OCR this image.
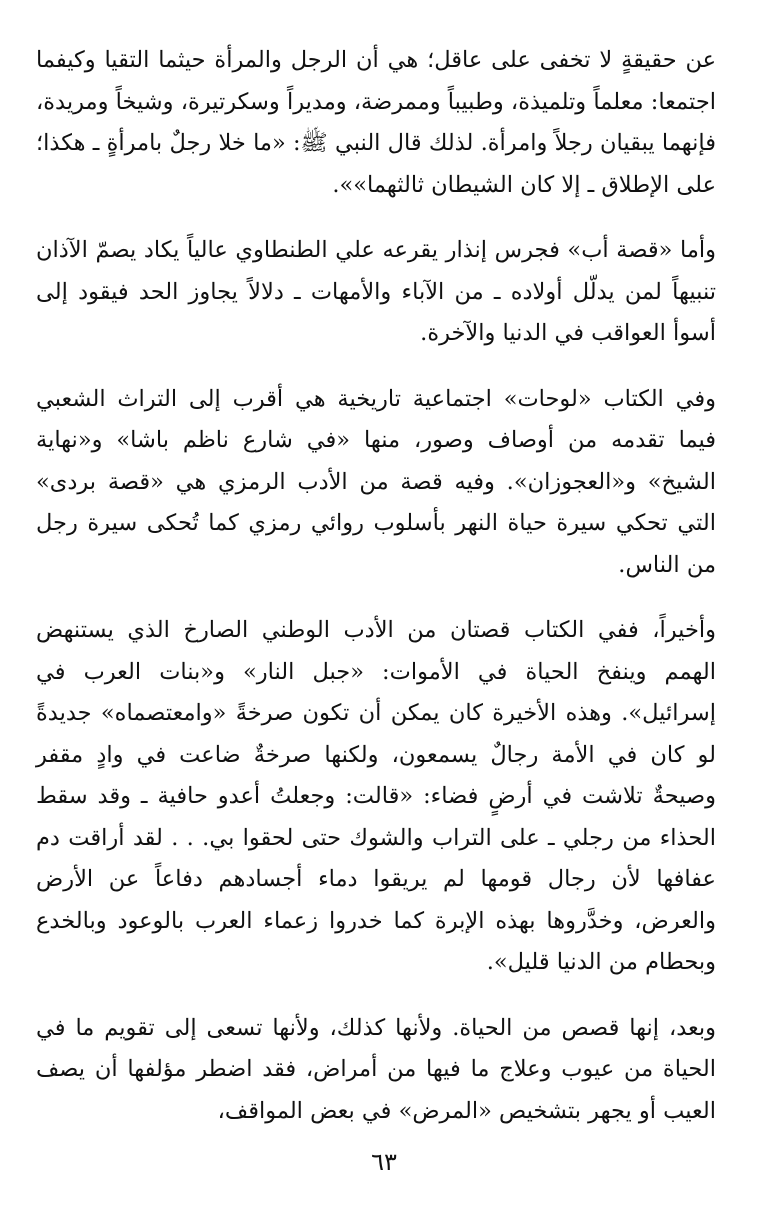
عن حقيقةٍ لا تخفى على عاقل؛ هي أن الرجل والمرأة حيثما التقيا وكيفما اجتمعا: معلماً وتلميذة، وطبيباً وممرضة، ومديراً وسكرتيرة، وشيخاً ومريدة، فإنهما يبقيان رجلاً وامرأة. لذلك قال النبي ﷺ: «ما خلا رجلٌ بامرأةٍ ـ هكذا؛ على الإطلاق ـ إلا كان الشيطان ثالثهما»».

وأما «قصة أب» فجرس إنذار يقرعه علي الطنطاوي عالياً يكاد يصمّ الآذان تنبيهاً لمن يدلّل أولاده ـ من الآباء والأمهات ـ دلالاً يجاوز الحد فيقود إلى أسوأ العواقب في الدنيا والآخرة.

وفي الكتاب «لوحات» اجتماعية تاريخية هي أقرب إلى التراث الشعبي فيما تقدمه من أوصاف وصور، منها «في شارع ناظم باشا» و«نهاية الشيخ» و«العجوزان». وفيه قصة من الأدب الرمزي هي «قصة بردى» التي تحكي سيرة حياة النهر بأسلوب روائي رمزي كما تُحكى سيرة رجل من الناس.

وأخيراً، ففي الكتاب قصتان من الأدب الوطني الصارخ الذي يستنهض الهمم وينفخ الحياة في الأموات: «جبل النار» و«بنات العرب في إسرائيل». وهذه الأخيرة كان يمكن أن تكون صرخةً «وامعتصماه» جديدةً لو كان في الأمة رجالٌ يسمعون، ولكنها صرخةٌ ضاعت في وادٍ مقفر وصيحةٌ تلاشت في أرضٍ فضاء: «قالت: وجعلتُ أعدو حافية ـ وقد سقط الحذاء من رجلي ـ على التراب والشوك حتى لحقوا بي. . . لقد أراقت دم عفافها لأن رجال قومها لم يريقوا دماء أجسادهم دفاعاً عن الأرض والعرض، وخدَّروها بهذه الإبرة كما خدروا زعماء العرب بالوعود وبالخدع وبحطام من الدنيا قليل».

وبعد، إنها قصص من الحياة. ولأنها كذلك، ولأنها تسعى إلى تقويم ما في الحياة من عيوب وعلاج ما فيها من أمراض، فقد اضطر مؤلفها أن يصف العيب أو يجهر بتشخيص «المرض» في بعض المواقف،

٦٣
